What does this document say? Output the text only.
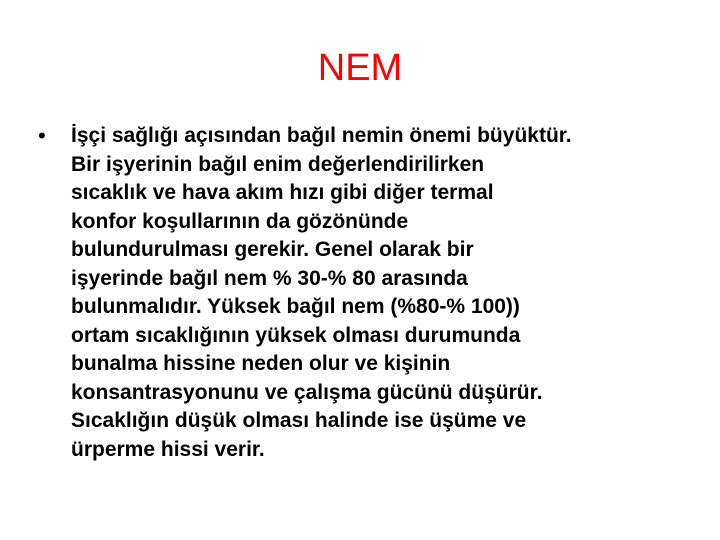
NEM
• İşçi sağlığı açısından bağıl nemin önemi büyüktür.
Bir işyerinin bağıl enim değerlendirilirken
sıcaklık ve hava akım hızı gibi diğer termal
konfor koşullarının da gözönünde
bulundurulması gerekir. Genel olarak bir
işyerinde bağıl nem % 30-% 80 arasında
bulunmalıdır. Yüksek bağıl nem (%80-% 100))
ortam sıcaklığının yüksek olması durumunda
bunalma hissine neden olur ve kişinin
konsantrasyonunu ve çalışma gücünü düşürür.
Sıcaklığın düşük olması halinde ise üşüme ve
ürperme hissi verir.
